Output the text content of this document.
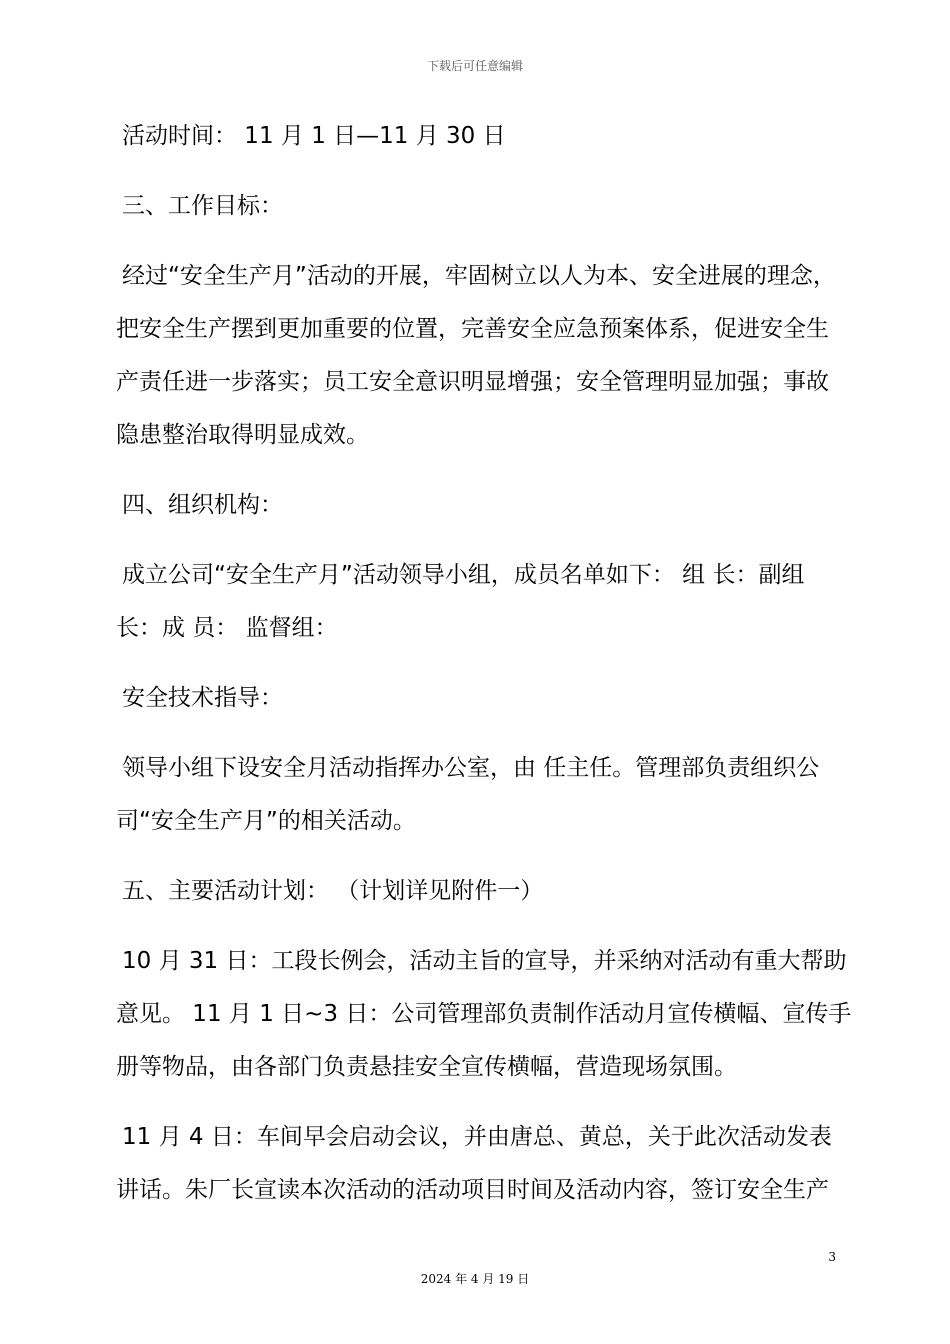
下载后可任意编辑
活动时间： 11 月 1 日—11 月 30 日
三、工作目标：
经过“安全生产月”活动的开展，牢固树立以人为本、安全进展的理念，
把安全生产摆到更加重要的位置，完善安全应急预案体系，促进安全生
产责任进一步落实；员工安全意识明显增强；安全管理明显加强；事故
隐患整治取得明显成效。
四、组织机构：
成立公司“安全生产月”活动领导小组，成员名单如下： 组 长：副组
长：成 员： 监督组：
安全技术指导：
领导小组下设安全月活动指挥办公室，由 任主任。管理部负责组织公
司“安全生产月”的相关活动。
五、主要活动计划： （计划详见附件一）
10 月 31 日：工段长例会，活动主旨的宣导，并采纳对活动有重大帮助
意见。 11 月 1 日~3 日：公司管理部负责制作活动月宣传横幅、宣传手
册等物品，由各部门负责悬挂安全宣传横幅，营造现场氛围。
11 月 4 日：车间早会启动会议，并由唐总、黄总，关于此次活动发表
讲话。朱厂长宣读本次活动的活动项目时间及活动内容，签订安全生产
3
2024 年 4 月 19 日
